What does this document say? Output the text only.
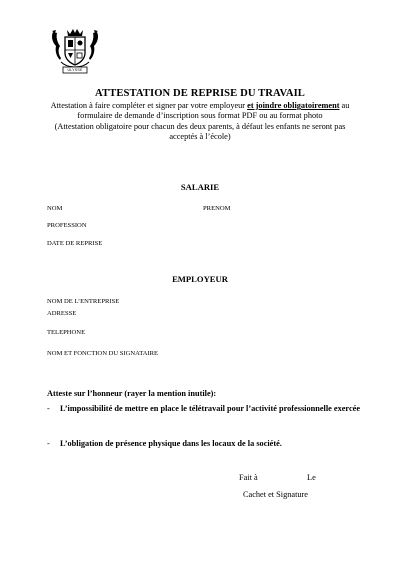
ULYSSE
ATTESTATION DE REPRISE DU TRAVAIL
Attestation à faire compléter et signer par votre employeur et joindre obligatoirement au formulaire de demande d’inscription sous format PDF ou au format photo
(Attestation obligatoire pour chacun des deux parents, à défaut les enfants ne seront pas acceptés à l’école)
SALARIE
NOM	PRENOM
PROFESSION
DATE DE REPRISE
EMPLOYEUR
NOM DE L’ENTREPRISE
ADRESSE
TELEPHONE
NOM ET FONCTION DU SIGNATAIRE
Atteste sur l’honneur (rayer la mention inutile):
- L’impossibilité de mettre en place le télétravail pour l’activité professionnelle exercée
- L’obligation de présence physique dans les locaux de la société.
Fait à	Le
Cachet et Signature
